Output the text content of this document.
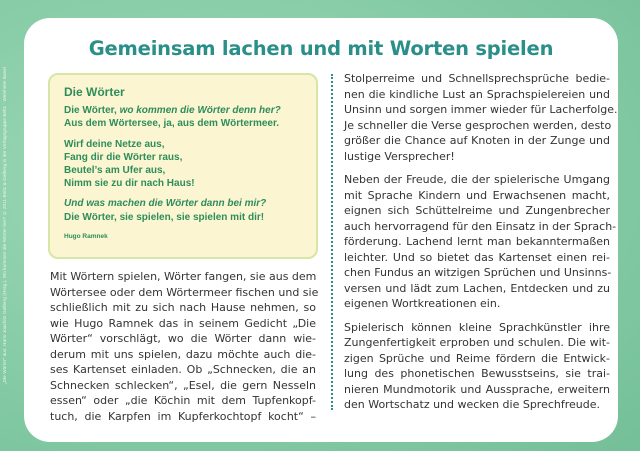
„Die Wörter“ aus: Hans-Joachim Gelberg (Hrsg.), Wo kommen die Wörter her? © 2011 Beltz & Gelberg in der Verlagsgruppe Beltz · Weinheim Basel
Gemeinsam lachen und mit Worten spielen
Die Wörter
Die Wörter, wo kommen die Wörter denn her?
Aus dem Wörtersee, ja, aus dem Wörtermeer.
Wirf deine Netze aus,
Fang dir die Wörter raus,
Beutel’s am Ufer aus,
Nimm sie zu dir nach Haus!
Und was machen die Wörter dann bei mir?
Die Wörter, sie spielen, sie spielen mit dir!
Hugo Ramnek
Mit Wörtern spielen, Wörter fangen, sie aus dem
Wörtersee oder dem Wörtermeer fischen und sie
schließlich mit zu sich nach Hause nehmen, so
wie Hugo Ramnek das in seinem Gedicht „Die
Wörter“ vorschlägt, wo die Wörter dann wie-
derum mit uns spielen, dazu möchte auch die-
ses Kartenset einladen. Ob „Schnecken, die an
Schnecken schlecken“, „Esel, die gern Nesseln
essen“ oder „die Köchin mit dem Tupfenkopf-
tuch, die Karpfen im Kupferkochtopf kocht“ –

Stolperreime und Schnellsprechsprüche bedie-
nen die kindliche Lust an Sprachspielereien und
Unsinn und sorgen immer wieder für Lacherfolge.
Je schneller die Verse gesprochen werden, desto
größer die Chance auf Knoten in der Zunge und
lustige Versprecher!

Neben der Freude, die der spielerische Umgang
mit Sprache Kindern und Erwachsenen macht,
eignen sich Schüttelreime und Zungenbrecher
auch hervorragend für den Einsatz in der Sprach-
förderung. Lachend lernt man bekanntermaßen
leichter. Und so bietet das Kartenset einen rei-
chen Fundus an witzigen Sprüchen und Unsinns-
versen und lädt zum Lachen, Entdecken und zu
eigenen Wortkreationen ein.

Spielerisch können kleine Sprachkünstler ihre
Zungenfertigkeit erproben und schulen. Die wit-
zigen Sprüche und Reime fördern die Entwick-
lung des phonetischen Bewusstseins, sie trai-
nieren Mundmotorik und Aussprache, erweitern
den Wortschatz und wecken die Sprechfreude.
